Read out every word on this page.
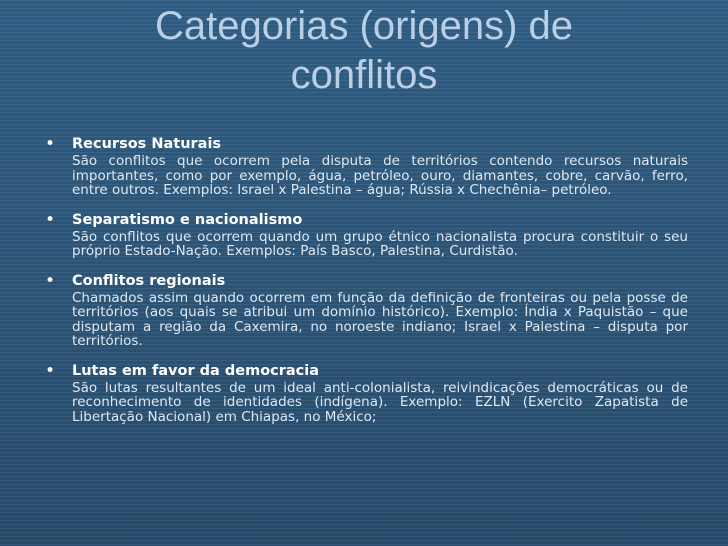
Categorias (origens) de
conflitos
• Recursos Naturais
São conflitos que ocorrem pela disputa de territórios contendo recursos naturais importantes, como por exemplo, água, petróleo, ouro, diamantes, cobre, carvão, ferro, entre outros. Exemplos: Israel x Palestina – água; Rússia x Chechênia– petróleo.
• Separatismo e nacionalismo
São conflitos que ocorrem quando um grupo étnico nacionalista procura constituir o seu próprio Estado-Nação. Exemplos: País Basco, Palestina, Curdistão.
• Conflitos regionais
Chamados assim quando ocorrem em função da definição de fronteiras ou pela posse de territórios (aos quais se atribui um domínio histórico). Exemplo: Índia x Paquistão – que disputam a região da Caxemira, no noroeste indiano; Israel x Palestina – disputa por territórios.
• Lutas em favor da democracia
São lutas resultantes de um ideal anti-colonialista, reivindicações democráticas ou de reconhecimento de identidades (indígena). Exemplo: EZLN (Exercito Zapatista de Libertação Nacional) em Chiapas, no México;
